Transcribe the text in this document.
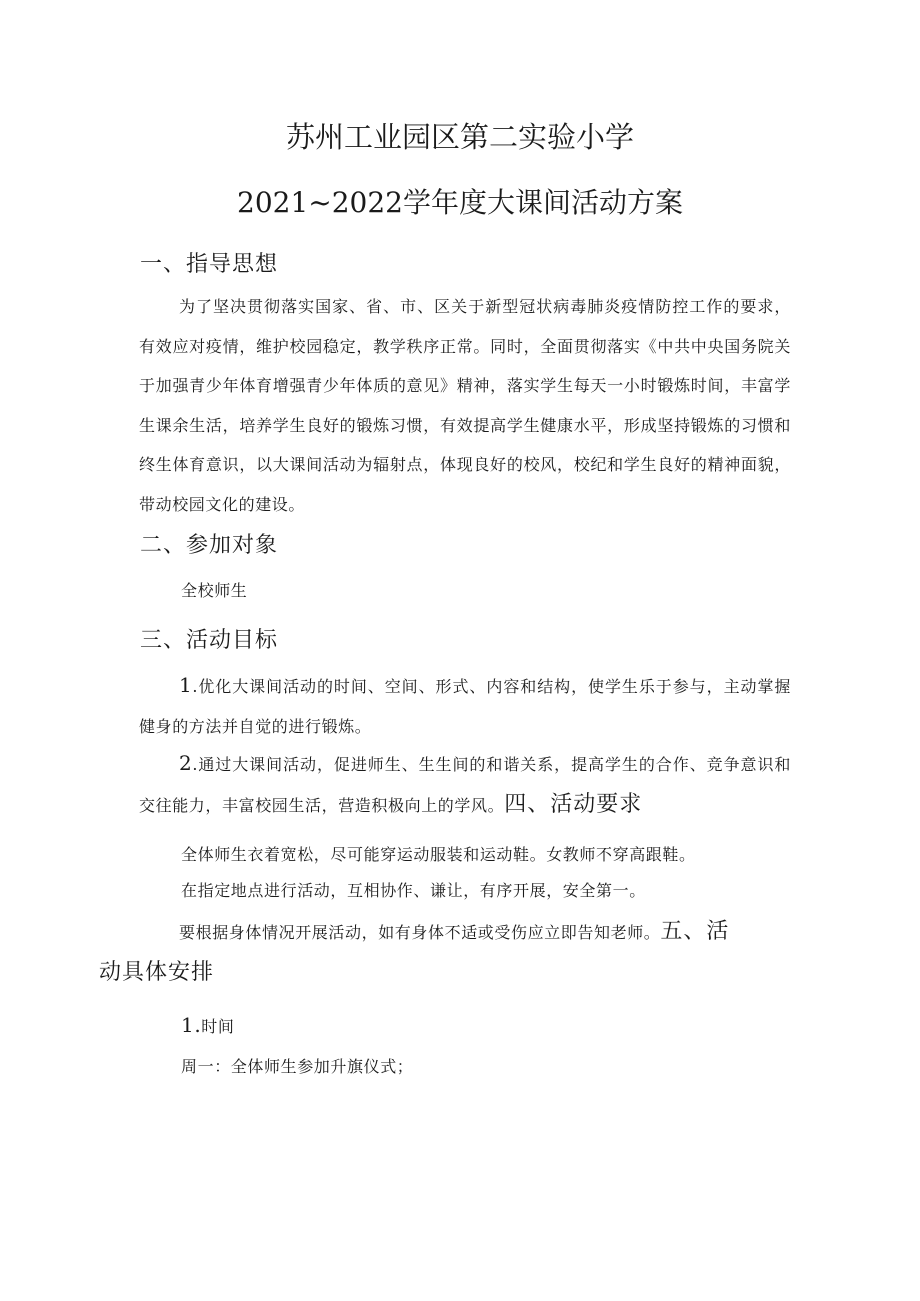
苏州工业园区第二实验小学
2021~2022学年度大课间活动方案
一、指导思想
为了坚决贯彻落实国家、省、市、区关于新型冠状病毒肺炎疫情防控工作的要求，有效应对疫情，维护校园稳定，教学秩序正常。同时，全面贯彻落实《中共中央国务院关于加强青少年体育增强青少年体质的意见》精神，落实学生每天一小时锻炼时间，丰富学生课余生活，培养学生良好的锻炼习惯，有效提高学生健康水平，形成坚持锻炼的习惯和终生体育意识，以大课间活动为辐射点，体现良好的校风，校纪和学生良好的精神面貌，带动校园文化的建设。
二、参加对象
全校师生
三、活动目标
1.优化大课间活动的时间、空间、形式、内容和结构，使学生乐于参与，主动掌握健身的方法并自觉的进行锻炼。
2.通过大课间活动，促进师生、生生间的和谐关系，提高学生的合作、竞争意识和交往能力，丰富校园生活，营造积极向上的学风。四、活动要求
全体师生衣着宽松，尽可能穿运动服装和运动鞋。女教师不穿高跟鞋。
在指定地点进行活动，互相协作、谦让，有序开展，安全第一。
要根据身体情况开展活动，如有身体不适或受伤应立即告知老师。五、活
动具体安排
1.时间
周一：全体师生参加升旗仪式；
